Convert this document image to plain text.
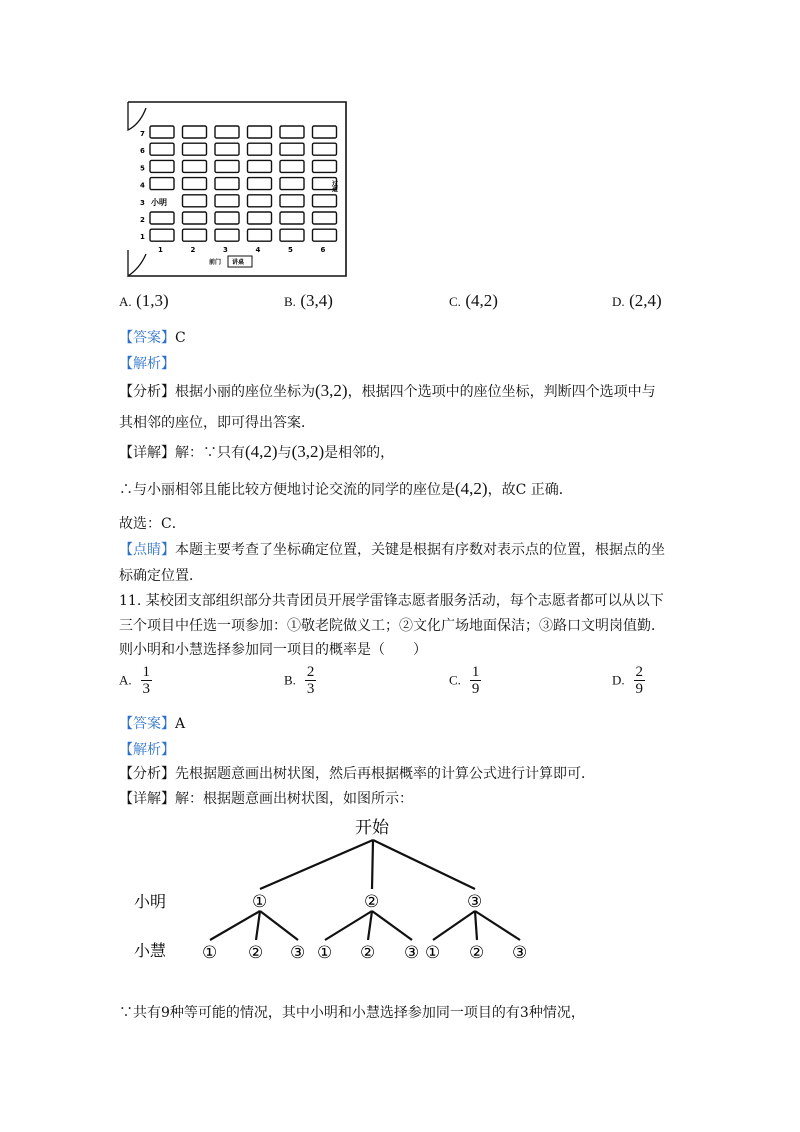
小明
7
6
5
4
3
2
1
1	2	3	4	5	6
前门 讲桌
过道
A. (1,3)	B. (3,4)	C. (4,2)	D. (2,4)
【答案】C
【解析】
【分析】根据小丽的座位坐标为(3,2)，根据四个选项中的座位坐标，判断四个选项中与
其相邻的座位，即可得出答案．
【详解】解：∵只有(4,2)与(3,2)是相邻的，
∴与小丽相邻且能比较方便地讨论交流的同学的座位是(4,2)，故C 正确．
故选：C．
【点睛】本题主要考查了坐标确定位置，关键是根据有序数对表示点的位置，根据点的坐
标确定位置．
11. 某校团支部组织部分共青团员开展学雷锋志愿者服务活动，每个志愿者都可以从以下
三个项目中任选一项参加：①敬老院做义工；②文化广场地面保洁；③路口文明岗值勤．
则小明和小慧选择参加同一项目的概率是（　　）
A. $\frac{1}{3}$	B. $\frac{2}{3}$	C. $\frac{1}{9}$	D. $\frac{2}{9}$
【答案】A
【解析】
【分析】先根据题意画出树状图，然后再根据概率的计算公式进行计算即可．
【详解】解：根据题意画出树状图，如图所示：
开始
小明
小慧
①
① ② ③
②
① ② ③
③
① ② ③
∵共有9种等可能的情况，其中小明和小慧选择参加同一项目的有3种情况，
